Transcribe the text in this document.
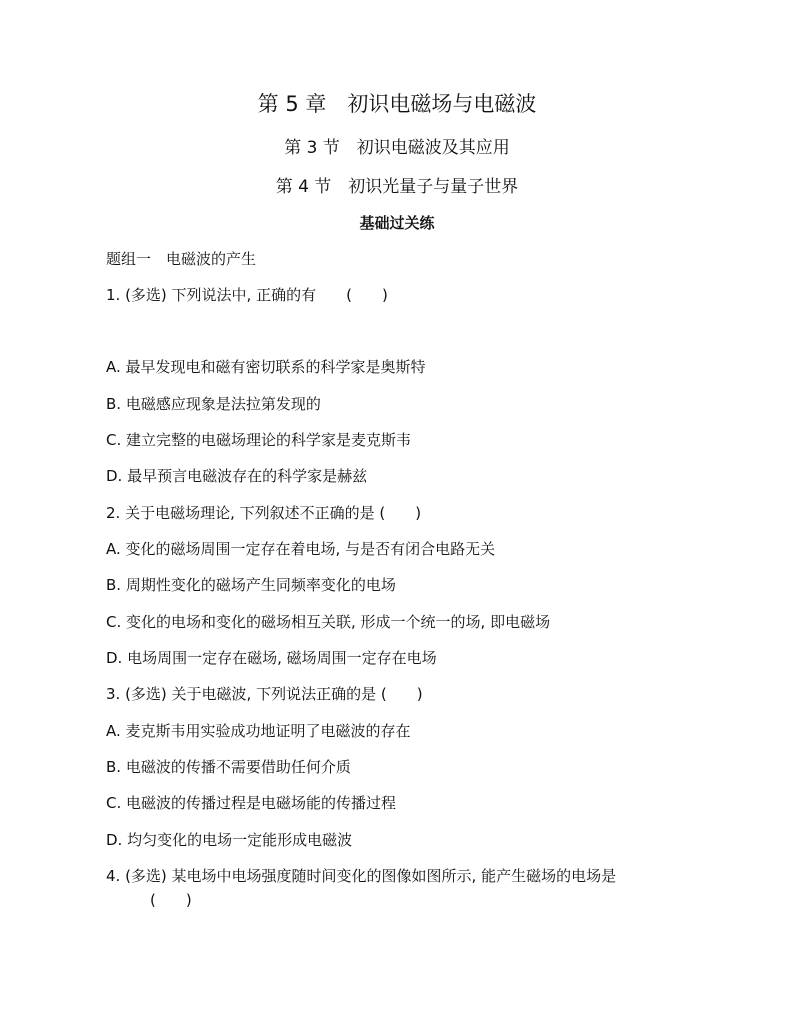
第 5 章　初识电磁场与电磁波
第 3 节　初识电磁波及其应用
第 4 节　初识光量子与量子世界
基础过关练
题组一　电磁波的产生
1. (多选) 下列说法中, 正确的有　　(　　)
A. 最早发现电和磁有密切联系的科学家是奥斯特
B. 电磁感应现象是法拉第发现的
C. 建立完整的电磁场理论的科学家是麦克斯韦
D. 最早预言电磁波存在的科学家是赫兹
2. 关于电磁场理论, 下列叙述不正确的是 (　　)
A. 变化的磁场周围一定存在着电场, 与是否有闭合电路无关
B. 周期性变化的磁场产生同频率变化的电场
C. 变化的电场和变化的磁场相互关联, 形成一个统一的场, 即电磁场
D. 电场周围一定存在磁场, 磁场周围一定存在电场
3. (多选) 关于电磁波, 下列说法正确的是 (　　)
A. 麦克斯韦用实验成功地证明了电磁波的存在
B. 电磁波的传播不需要借助任何介质
C. 电磁波的传播过程是电磁场能的传播过程
D. 均匀变化的电场一定能形成电磁波
4. (多选) 某电场中电场强度随时间变化的图像如图所示, 能产生磁场的电场是
(　　)
